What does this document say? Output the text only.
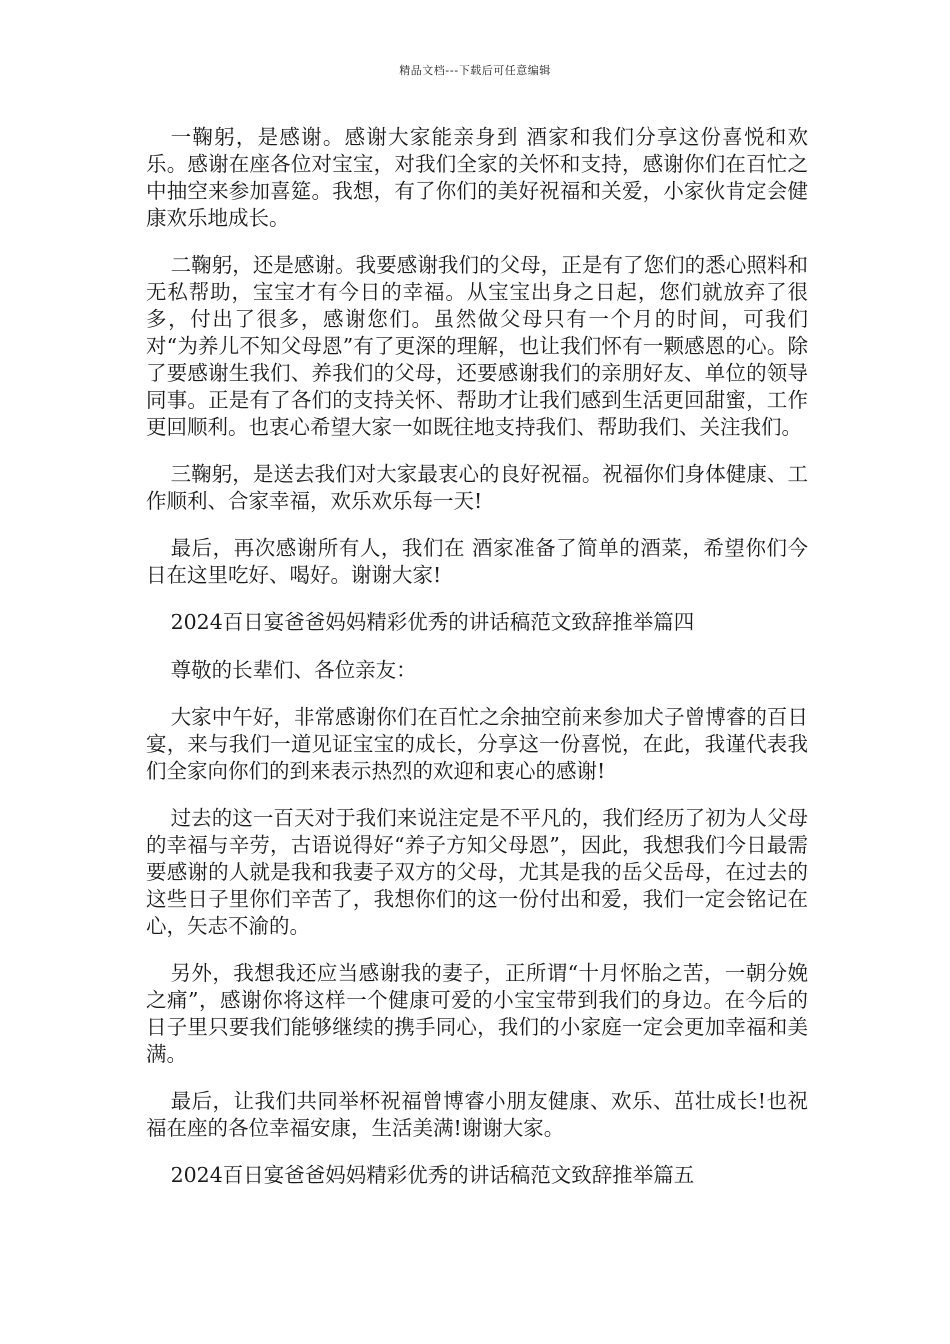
精品文档---下载后可任意编辑

一鞠躬，是感谢。感谢大家能亲身到 酒家和我们分享这份喜悦和欢乐。感谢在座各位对宝宝，对我们全家的关怀和支持，感谢你们在百忙之中抽空来参加喜筵。我想，有了你们的美好祝福和关爱，小家伙肯定会健康欢乐地成长。

二鞠躬，还是感谢。我要感谢我们的父母，正是有了您们的悉心照料和无私帮助，宝宝才有今日的幸福。从宝宝出身之日起，您们就放弃了很多，付出了很多，感谢您们。虽然做父母只有一个月的时间，可我们对“为养儿不知父母恩”有了更深的理解，也让我们怀有一颗感恩的心。除了要感谢生我们、养我们的父母，还要感谢我们的亲朋好友、单位的领导同事。正是有了各们的支持关怀、帮助才让我们感到生活更回甜蜜，工作更回顺利。也衷心希望大家一如既往地支持我们、帮助我们、关注我们。

三鞠躬，是送去我们对大家最衷心的良好祝福。祝福你们身体健康、工作顺利、合家幸福，欢乐欢乐每一天!

最后，再次感谢所有人，我们在 酒家准备了简单的酒菜，希望你们今日在这里吃好、喝好。谢谢大家!

2024百日宴爸爸妈妈精彩优秀的讲话稿范文致辞推举篇四

尊敬的长辈们、各位亲友：

大家中午好，非常感谢你们在百忙之余抽空前来参加犬子曾博睿的百日宴，来与我们一道见证宝宝的成长，分享这一份喜悦，在此，我谨代表我们全家向你们的到来表示热烈的欢迎和衷心的感谢!

过去的这一百天对于我们来说注定是不平凡的，我们经历了初为人父母的幸福与辛劳，古语说得好“养子方知父母恩”，因此，我想我们今日最需要感谢的人就是我和我妻子双方的父母，尤其是我的岳父岳母，在过去的这些日子里你们辛苦了，我想你们的这一份付出和爱，我们一定会铭记在心，矢志不渝的。

另外，我想我还应当感谢我的妻子，正所谓“十月怀胎之苦，一朝分娩之痛”，感谢你将这样一个健康可爱的小宝宝带到我们的身边。在今后的日子里只要我们能够继续的携手同心，我们的小家庭一定会更加幸福和美满。

最后，让我们共同举杯祝福曾博睿小朋友健康、欢乐、茁壮成长!也祝福在座的各位幸福安康，生活美满!谢谢大家。

2024百日宴爸爸妈妈精彩优秀的讲话稿范文致辞推举篇五
